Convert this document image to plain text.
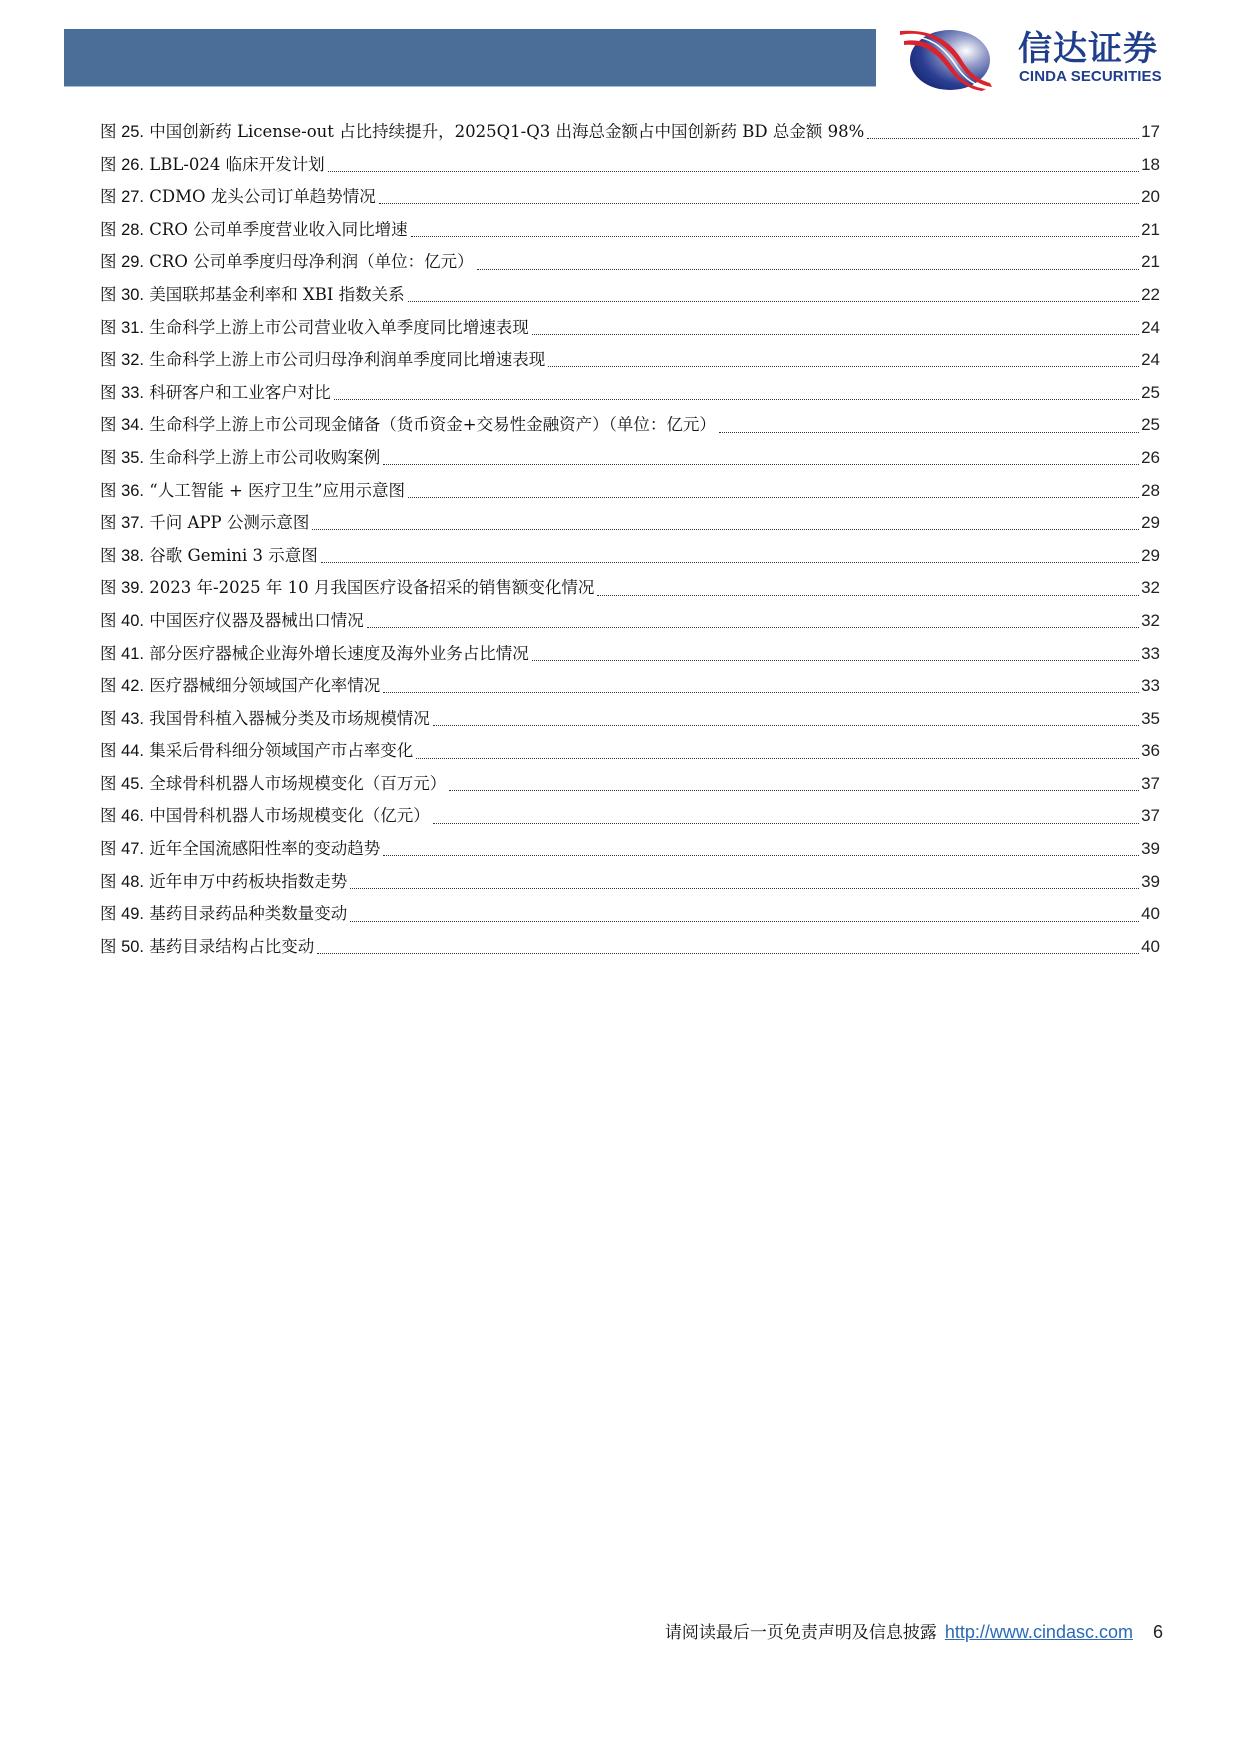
信达证券
CINDA SECURITIES
图 25. 中国创新药 License-out 占比持续提升，2025Q1-Q3 出海总金额占中国创新药 BD 总金额 98%	17
图 26. LBL-024 临床开发计划	18
图 27. CDMO 龙头公司订单趋势情况	20
图 28. CRO 公司单季度营业收入同比增速	21
图 29. CRO 公司单季度归母净利润（单位：亿元）	21
图 30. 美国联邦基金利率和 XBI 指数关系	22
图 31. 生命科学上游上市公司营业收入单季度同比增速表现	24
图 32. 生命科学上游上市公司归母净利润单季度同比增速表现	24
图 33. 科研客户和工业客户对比	25
图 34. 生命科学上游上市公司现金储备（货币资金+交易性金融资产）（单位：亿元）	25
图 35. 生命科学上游上市公司收购案例	26
图 36. “人工智能 + 医疗卫生”应用示意图	28
图 37. 千问 APP 公测示意图	29
图 38. 谷歌 Gemini 3 示意图	29
图 39. 2023 年-2025 年 10 月我国医疗设备招采的销售额变化情况	32
图 40. 中国医疗仪器及器械出口情况	32
图 41. 部分医疗器械企业海外增长速度及海外业务占比情况	33
图 42. 医疗器械细分领域国产化率情况	33
图 43. 我国骨科植入器械分类及市场规模情况	35
图 44. 集采后骨科细分领域国产市占率变化	36
图 45. 全球骨科机器人市场规模变化（百万元）	37
图 46. 中国骨科机器人市场规模变化（亿元）	37
图 47. 近年全国流感阳性率的变动趋势	39
图 48. 近年申万中药板块指数走势	39
图 49. 基药目录药品种类数量变动	40
图 50. 基药目录结构占比变动	40
请阅读最后一页免责声明及信息披露 http://www.cindasc.com 6
